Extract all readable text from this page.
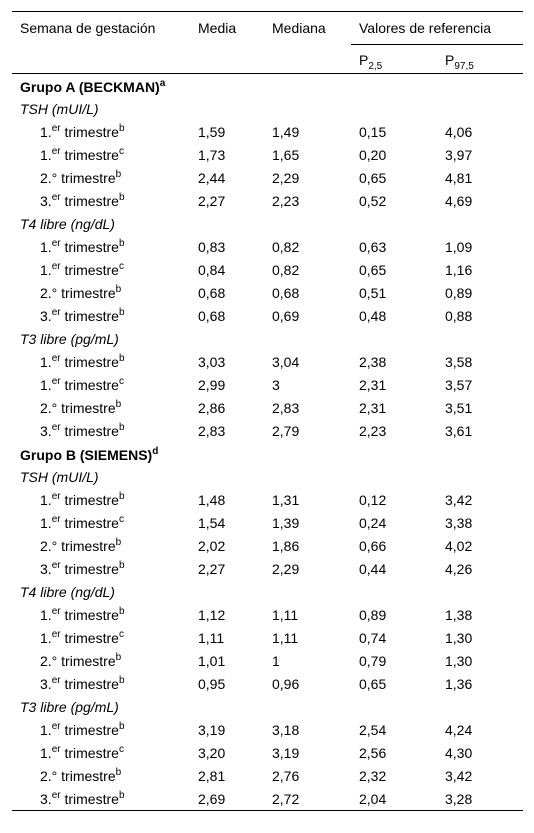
Semana de gestación	Media	Mediana	Valores de referencia	
			$P_{2,5}$	$P_{97,5}$
Grupo A (BECKMAN)$^a$
TSH (mUI/L)				
1.$^{er}$ trimestre$^b$	1,59	1,49	0,15	4,06
1.$^{er}$ trimestre$^c$	1,73	1,65	0,20	3,97
2.° trimestre$^b$	2,44	2,29	0,65	4,81
3.$^{er}$ trimestre$^b$	2,27	2,23	0,52	4,69
T4 libre (ng/dL)				
1.$^{er}$ trimestre$^b$	0,83	0,82	0,63	1,09
1.$^{er}$ trimestre$^c$	0,84	0,82	0,65	1,16
2.° trimestre$^b$	0,68	0,68	0,51	0,89
3.$^{er}$ trimestre$^b$	0,68	0,69	0,48	0,88
T3 libre (pg/mL)				
1.$^{er}$ trimestre$^b$	3,03	3,04	2,38	3,58
1.$^{er}$ trimestre$^c$	2,99	3	2,31	3,57
2.° trimestre$^b$	2,86	2,83	2,31	3,51
3.$^{er}$ trimestre$^b$	2,83	2,79	2,23	3,61
Grupo B (SIEMENS)$^d$
TSH (mUI/L)				
1.$^{er}$ trimestre$^b$	1,48	1,31	0,12	3,42
1.$^{er}$ trimestre$^c$	1,54	1,39	0,24	3,38
2.° trimestre$^b$	2,02	1,86	0,66	4,02
3.$^{er}$ trimestre$^b$	2,27	2,29	0,44	4,26
T4 libre (ng/dL)				
1.$^{er}$ trimestre$^b$	1,12	1,11	0,89	1,38
1.$^{er}$ trimestre$^c$	1,11	1,11	0,74	1,30
2.° trimestre$^b$	1,01	1	0,79	1,30
3.$^{er}$ trimestre$^b$	0,95	0,96	0,65	1,36
T3 libre (pg/mL)				
1.$^{er}$ trimestre$^b$	3,19	3,18	2,54	4,24
1.$^{er}$ trimestre$^c$	3,20	3,19	2,56	4,30
2.° trimestre$^b$	2,81	2,76	2,32	3,42
3.$^{er}$ trimestre$^b$	2,69	2,72	2,04	3,28
